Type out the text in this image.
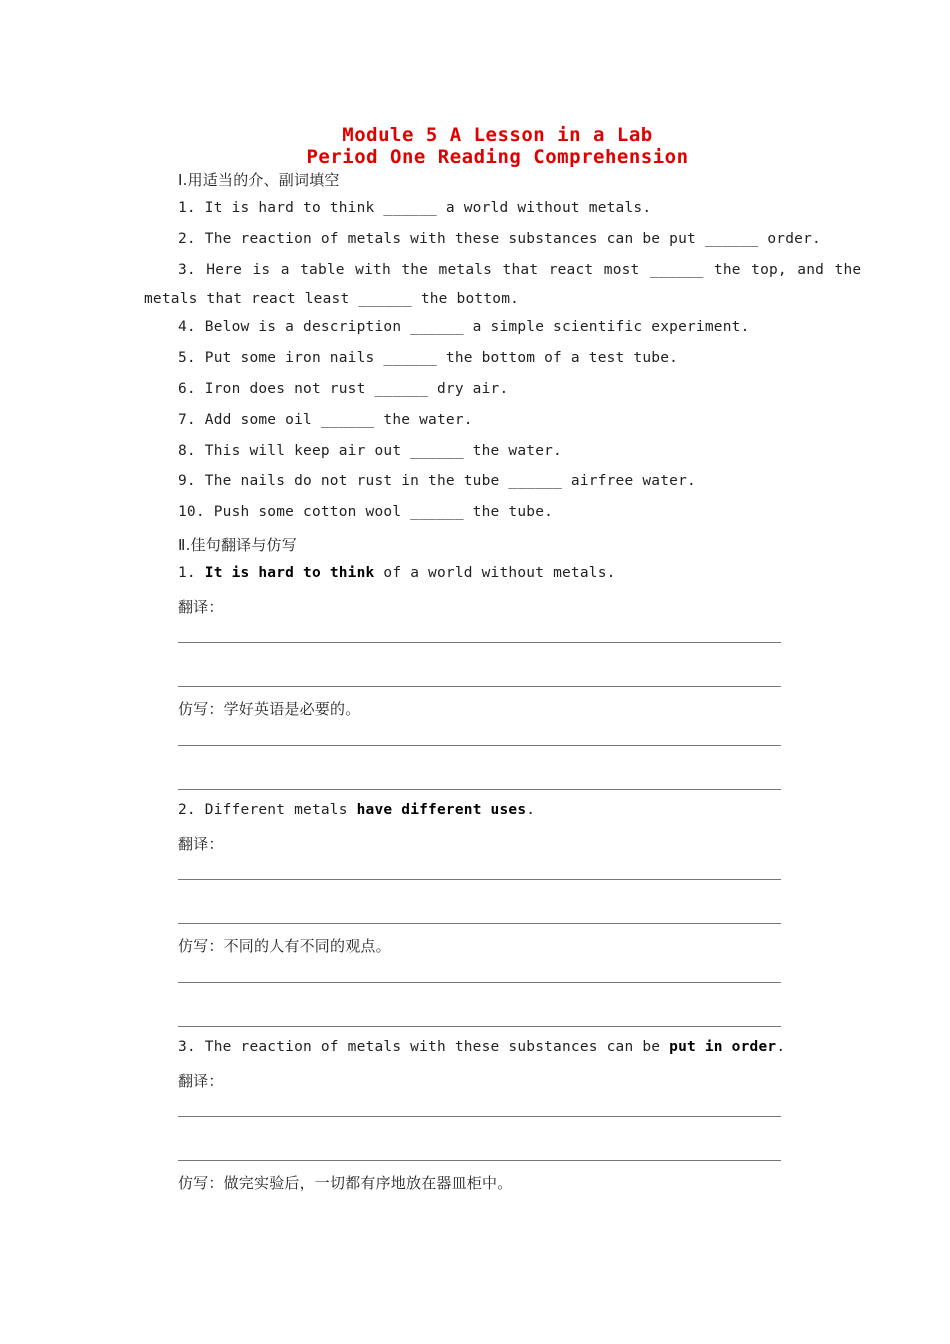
Module 5 A Lesson in a Lab
Period One Reading Comprehension
Ⅰ.用适当的介、副词填空
1. It is hard to think ______ a world without metals.
2. The reaction of metals with these substances can be put ______ order.
3. Here is a table with the metals that react most ______ the top, and the
metals that react least ______ the bottom.
4. Below is a description ______ a simple scientific experiment.
5. Put some iron nails ______ the bottom of a test tube.
6. Iron does not rust ______ dry air.
7. Add some oil ______ the water.
8. This will keep air out ______ the water.
9. The nails do not rust in the tube ______ airfree water.
10. Push some cotton wool ______ the tube.
Ⅱ.佳句翻译与仿写
1. It is hard to think of a world without metals.
翻译：
仿写：学好英语是必要的。
2. Different metals have different uses.
翻译：
仿写：不同的人有不同的观点。
3. The reaction of metals with these substances can be put in order.
翻译：
仿写：做完实验后，一切都有序地放在器皿柜中。
